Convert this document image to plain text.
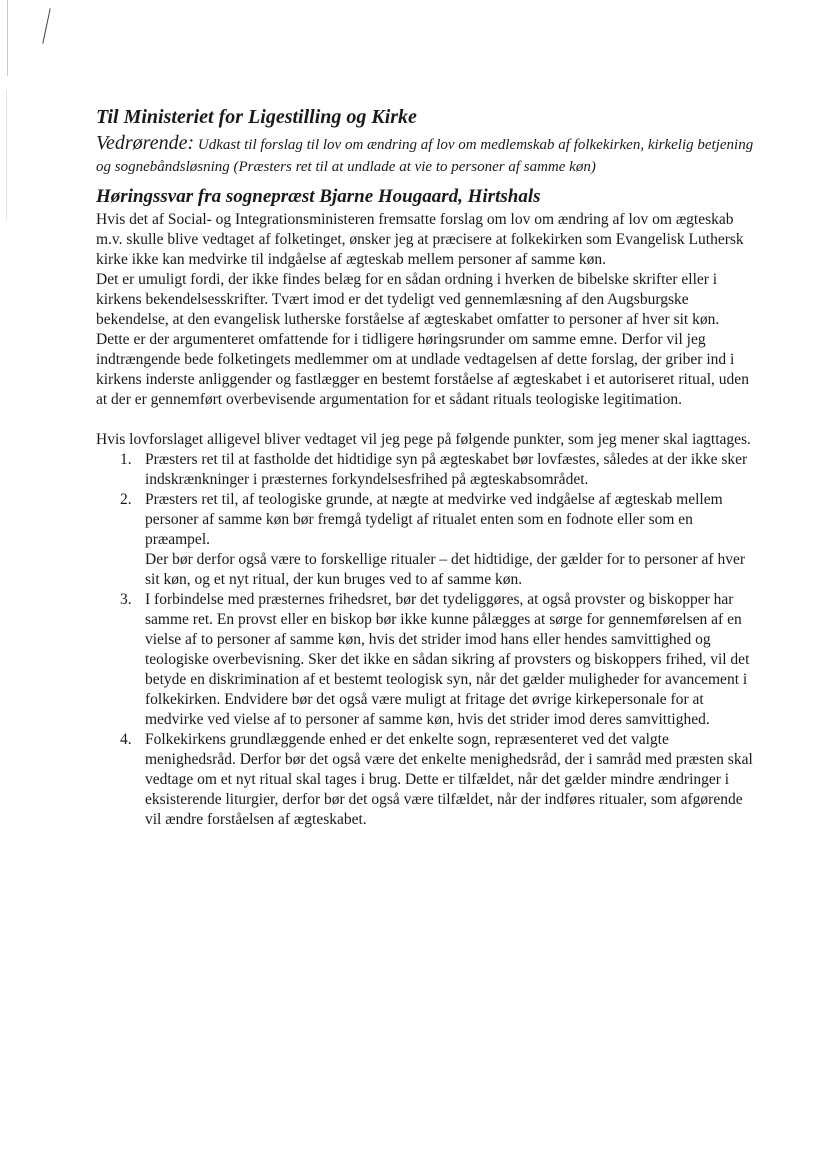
Til Ministeriet for Ligestilling og Kirke

Vedrørende: Udkast til forslag til lov om ændring af lov om medlemskab af folkekirken, kirkelig betjening og sognebåndsløsning (Præsters ret til at undlade at vie to personer af samme køn)

Høringssvar fra sognepræst Bjarne Hougaard, Hirtshals

Hvis det af Social- og Integrationsministeren fremsatte forslag om lov om ændring af lov om ægteskab m.v. skulle blive vedtaget af folketinget, ønsker jeg at præcisere at folkekirken som Evangelisk Luthersk kirke ikke kan medvirke til indgåelse af ægteskab mellem personer af samme køn.

Det er umuligt fordi, der ikke findes belæg for en sådan ordning i hverken de bibelske skrifter eller i kirkens bekendelsesskrifter. Tvært imod er det tydeligt ved gennemlæsning af den Augsburgske bekendelse, at den evangelisk lutherske forståelse af ægteskabet omfatter to personer af hver sit køn.

Dette er der argumenteret omfattende for i tidligere høringsrunder om samme emne. Derfor vil jeg indtrængende bede folketingets medlemmer om at undlade vedtagelsen af dette forslag, der griber ind i kirkens inderste anliggender og fastlægger en bestemt forståelse af ægteskabet i et autoriseret ritual, uden at der er gennemført overbevisende argumentation for et sådant rituals teologiske legitimation.

Hvis lovforslaget alligevel bliver vedtaget vil jeg pege på følgende punkter, som jeg mener skal iagttages.

1. Præsters ret til at fastholde det hidtidige syn på ægteskabet bør lovfæstes, således at der ikke sker indskrænkninger i præsternes forkyndelsesfrihed på ægteskabsområdet.

2. Præsters ret til, af teologiske grunde, at nægte at medvirke ved indgåelse af ægteskab mellem personer af samme køn bør fremgå tydeligt af ritualet enten som en fodnote eller som en præampel.

Der bør derfor også være to forskellige ritualer – det hidtidige, der gælder for to personer af hver sit køn, og et nyt ritual, der kun bruges ved to af samme køn.

3. I forbindelse med præsternes frihedsret, bør det tydeliggøres, at også provster og biskopper har samme ret. En provst eller en biskop bør ikke kunne pålægges at sørge for gennemførelsen af en vielse af to personer af samme køn, hvis det strider imod hans eller hendes samvittighed og teologiske overbevisning. Sker det ikke en sådan sikring af provsters og biskoppers frihed, vil det betyde en diskrimination af et bestemt teologisk syn, når det gælder muligheder for avancement i folkekirken. Endvidere bør det også være muligt at fritage det øvrige kirkepersonale for at medvirke ved vielse af to personer af samme køn, hvis det strider imod deres samvittighed.

4. Folkekirkens grundlæggende enhed er det enkelte sogn, repræsenteret ved det valgte menighedsråd. Derfor bør det også være det enkelte menighedsråd, der i samråd med præsten skal vedtage om et nyt ritual skal tages i brug. Dette er tilfældet, når det gælder mindre ændringer i eksisterende liturgier, derfor bør det også være tilfældet, når der indføres ritualer, som afgørende vil ændre forståelsen af ægteskabet.
